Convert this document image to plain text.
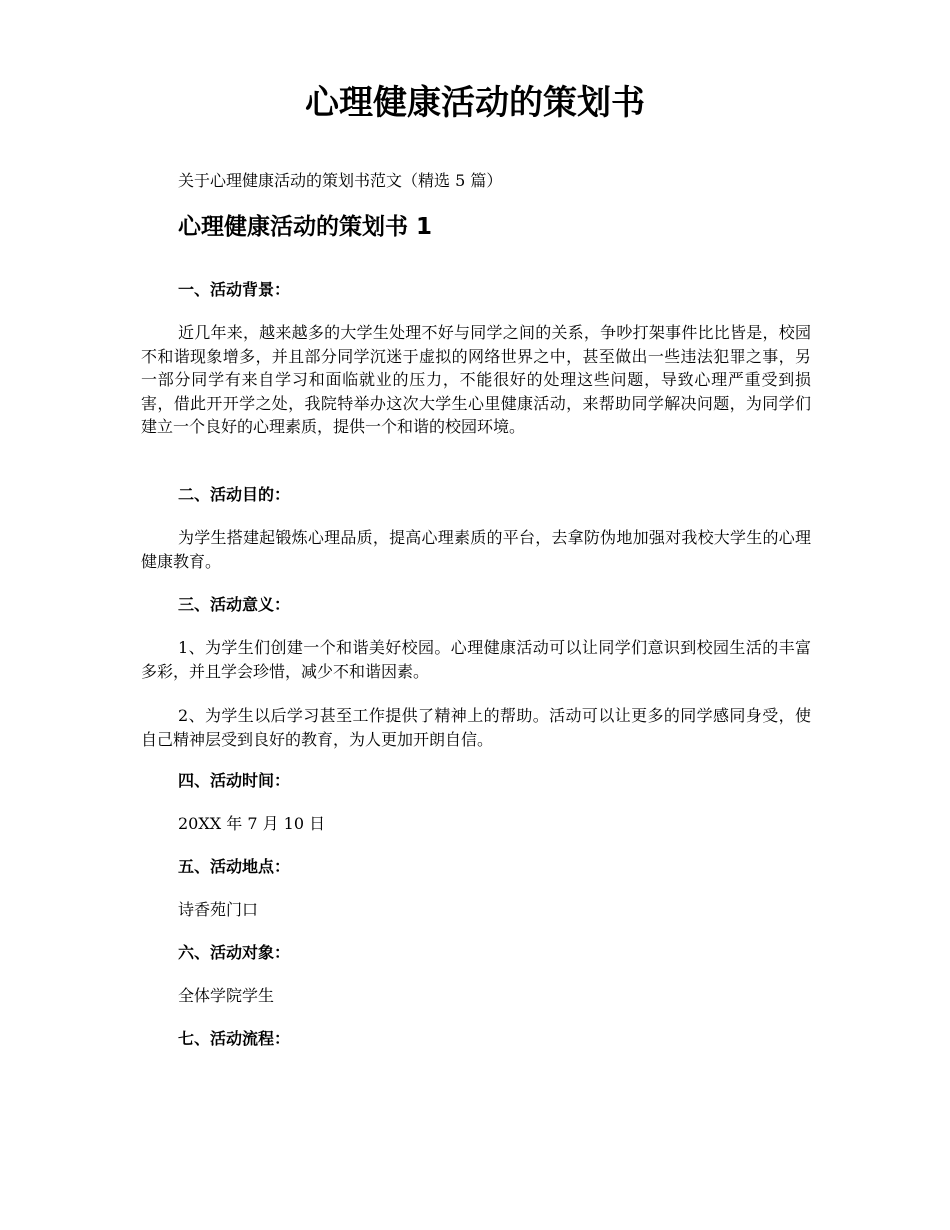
心理健康活动的策划书

关于心理健康活动的策划书范文（精选 5 篇）

心理健康活动的策划书 1
一、活动背景：

近几年来，越来越多的大学生处理不好与同学之间的关系，争吵打架事件比比皆是，校园不和谐现象增多，并且部分同学沉迷于虚拟的网络世界之中，甚至做出一些违法犯罪之事，另一部分同学有来自学习和面临就业的压力，不能很好的处理这些问题，导致心理严重受到损害，借此开开学之处，我院特举办这次大学生心里健康活动，来帮助同学解决问题，为同学们建立一个良好的心理素质，提供一个和谐的校园环境。

二、活动目的：

为学生搭建起锻炼心理品质，提高心理素质的平台，去拿防伪地加强对我校大学生的心理健康教育。

三、活动意义：

1、为学生们创建一个和谐美好校园。心理健康活动可以让同学们意识到校园生活的丰富多彩，并且学会珍惜，减少不和谐因素。

2、为学生以后学习甚至工作提供了精神上的帮助。活动可以让更多的同学感同身受，使自己精神层受到良好的教育，为人更加开朗自信。

四、活动时间：

20XX 年 7 月 10 日

五、活动地点：

诗香苑门口

六、活动对象：

全体学院学生

七、活动流程：
